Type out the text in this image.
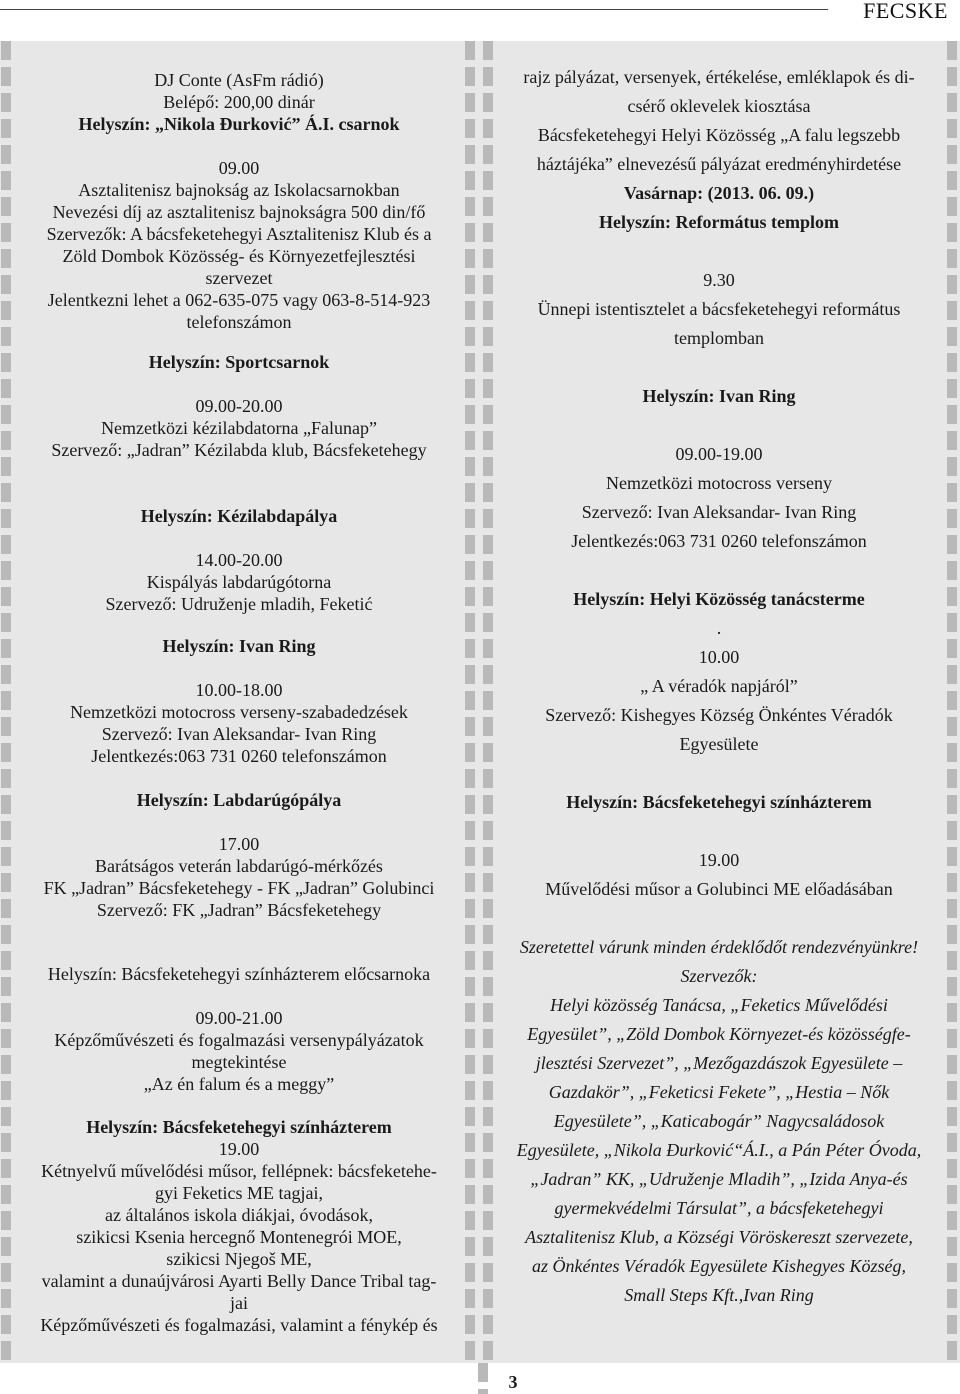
FECSKE
DJ Conte (AsFm rádió)
Belépő: 200,00 dinár
Helyszín: „Nikola Đurković” Á.I. csarnok
09.00
Asztalitenisz bajnokság az Iskolacsarnokban
Nevezési díj az asztalitenisz bajnokságra 500 din/fő
Szervezők: A bácsfeketehegyi Asztalitenisz Klub és a
Zöld Dombok Közösség- és Környezetfejlesztési
szervezet
Jelentkezni lehet a 062-635-075 vagy 063-8-514-923
telefonszámon
Helyszín: Sportcsarnok
09.00-20.00
Nemzetközi kézilabdatorna „Falunap”
Szervező: „Jadran” Kézilabda klub, Bácsfeketehegy
Helyszín: Kézilabdapálya
14.00-20.00
Kispályás labdarúgótorna
Szervező: Udruženje mladih, Feketić
Helyszín: Ivan Ring
10.00-18.00
Nemzetközi motocross verseny-szabadedzések
Szervező: Ivan Aleksandar- Ivan Ring
Jelentkezés:063 731 0260 telefonszámon
Helyszín: Labdarúgópálya
17.00
Barátságos veterán labdarúgó-mérkőzés
FK „Jadran” Bácsfeketehegy - FK „Jadran” Golubinci
Szervező: FK „Jadran” Bácsfeketehegy
Helyszín: Bácsfeketehegyi színházterem előcsarnoka
09.00-21.00
Képzőművészeti és fogalmazási versenypályázatok
megtekintése
„Az én falum és a meggy”
Helyszín: Bácsfeketehegyi színházterem
19.00
Kétnyelvű művelődési műsor, fellépnek: bácsfeketehe-
gyi Feketics ME tagjai,
az általános iskola diákjai, óvodások,
szikicsi Ksenia hercegnő Montenegrói MOE,
szikicsi Njegoš ME,
valamint a dunaújvárosi Ayarti Belly Dance Tribal tag-
jai
Képzőművészeti és fogalmazási, valamint a fénykép és
rajz pályázat, versenyek, értékelése, emléklapok és di-
csérő oklevelek kiosztása
Bácsfeketehegyi Helyi Közösség „A falu legszebb
háztájéka” elnevezésű pályázat eredményhirdetése
Vasárnap: (2013. 06. 09.)
Helyszín: Református templom
9.30
Ünnepi istentisztelet a bácsfeketehegyi református
templomban
Helyszín: Ivan Ring
09.00-19.00
Nemzetközi motocross verseny
Szervező: Ivan Aleksandar- Ivan Ring
Jelentkezés:063 731 0260 telefonszámon
Helyszín: Helyi Közösség tanácsterme
.
10.00
„ A véradók napjáról”
Szervező: Kishegyes Község Önkéntes Véradók
Egyesülete
Helyszín: Bácsfeketehegyi színházterem
19.00
Művelődési műsor a Golubinci ME előadásában
Szeretettel várunk minden érdeklődőt rendezvényünkre!
Szervezők:
Helyi közösség Tanácsa, „Feketics Művelődési
Egyesület”, „Zöld Dombok Környezet-és közösségfe-
jlesztési Szervezet”, „Mezőgazdászok Egyesülete –
Gazdakör”, „Feketicsi Fekete”, „Hestia – Nők
Egyesülete”, „Katicabogár” Nagycsaládosok
Egyesülete, „Nikola Đurković“Á.I., a Pán Péter Óvoda,
„Jadran” KK, „Udruženje Mladih”, „Izida Anya-és
gyermekvédelmi Társulat”, a bácsfeketehegyi
Asztalitenisz Klub, a Községi Vöröskereszt szervezete,
az Önkéntes Véradók Egyesülete Kishegyes Község,
Small Steps Kft.,Ivan Ring
3
